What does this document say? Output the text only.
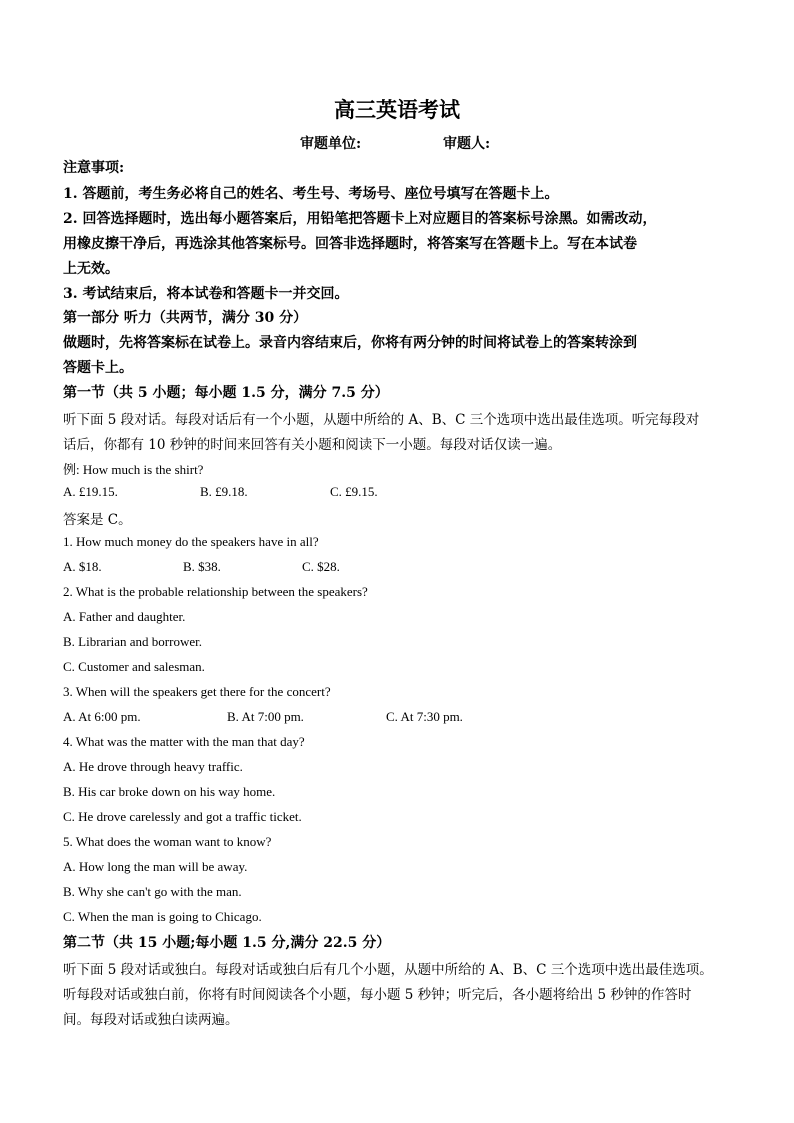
高三英语考试
审题单位:	审题人:
注意事项:
1. 答题前，考生务必将自己的姓名、考生号、考场号、座位号填写在答题卡上。
2. 回答选择题时，选出每小题答案后，用铅笔把答题卡上对应题目的答案标号涂黑。如需改动，
用橡皮擦干净后，再选涂其他答案标号。回答非选择题时，将答案写在答题卡上。写在本试卷
上无效。
3. 考试结束后，将本试卷和答题卡一并交回。
第一部分 听力（共两节，满分 30 分）
做题时，先将答案标在试卷上。录音内容结束后，你将有两分钟的时间将试卷上的答案转涂到
答题卡上。
第一节（共 5 小题；每小题 1.5 分，满分 7.5 分）
听下面 5 段对话。每段对话后有一个小题，从题中所给的 A、B、C 三个选项中选出最佳选项。听完每段对
话后，你都有 10 秒钟的时间来回答有关小题和阅读下一小题。每段对话仅读一遍。
例: How much is the shirt?
A. £19.15.	B. £9.18.	C. £9.15.
答案是 C。
1. How much money do the speakers have in all?
A. $18.	B. $38.	C. $28.
2. What is the probable relationship between the speakers?
A. Father and daughter.
B. Librarian and borrower.
C. Customer and salesman.
3. When will the speakers get there for the concert?
A. At 6:00 pm.	B. At 7:00 pm.	C. At 7:30 pm.
4. What was the matter with the man that day?
A. He drove through heavy traffic.
B. His car broke down on his way home.
C. He drove carelessly and got a traffic ticket.
5. What does the woman want to know?
A. How long the man will be away.
B. Why she can't go with the man.
C. When the man is going to Chicago.
第二节（共 15 小题;每小题 1.5 分,满分 22.5 分）
听下面 5 段对话或独白。每段对话或独白后有几个小题，从题中所给的 A、B、C 三个选项中选出最佳选项。
听每段对话或独白前，你将有时间阅读各个小题，每小题 5 秒钟；听完后，各小题将给出 5 秒钟的作答时
间。每段对话或独白读两遍。
